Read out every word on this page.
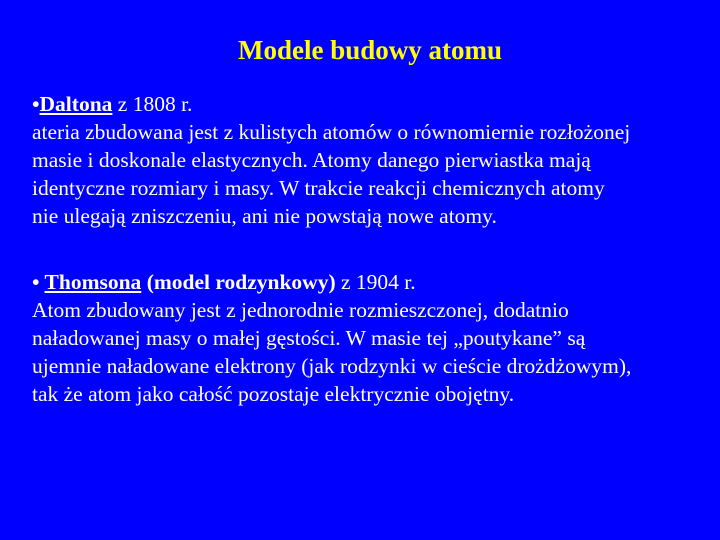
Modele budowy atomu
•Daltona z 1808 r.
ateria zbudowana jest z kulistych atomów o równomiernie rozłożonej
masie i doskonale elastycznych. Atomy danego pierwiastka mają
identyczne rozmiary i masy. W trakcie reakcji chemicznych atomy
nie ulegają zniszczeniu, ani nie powstają nowe atomy.
• Thomsona (model rodzynkowy) z 1904 r.
Atom zbudowany jest z jednorodnie rozmieszczonej, dodatnio
naładowanej masy o małej gęstości. W masie tej „poutykane” są
ujemnie naładowane elektrony (jak rodzynki w cieście drożdżowym),
tak że atom jako całość pozostaje elektrycznie obojętny.
